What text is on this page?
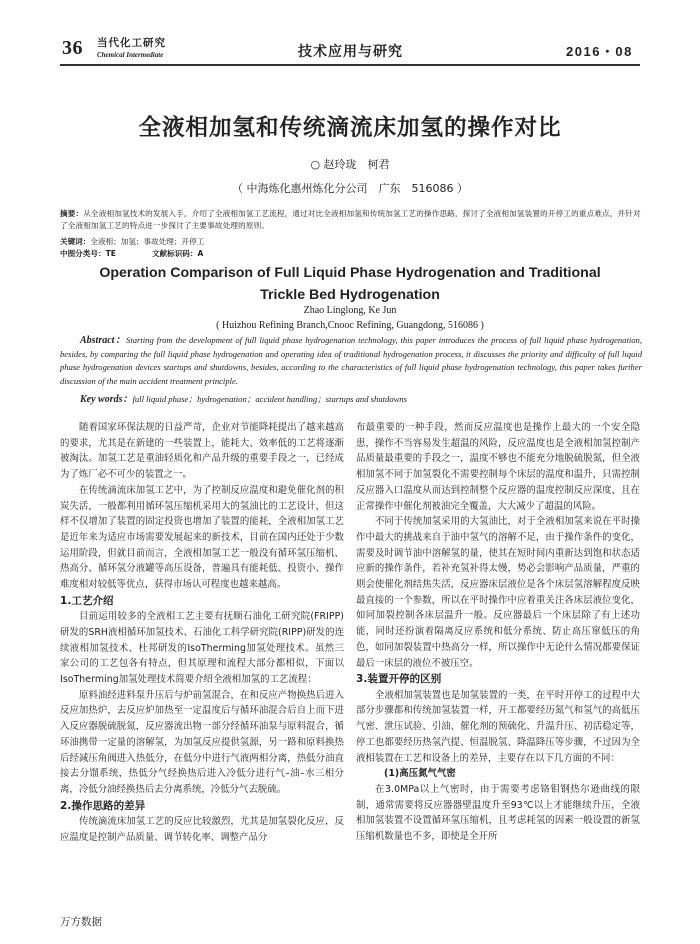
36 当代化工研究
Chemical Intermediate	技术应用与研究	2016・08
全液相加氢和传统滴流床加氢的操作对比
○ 赵玲珑　柯君
（ 中海炼化惠州炼化分公司　广东　516086 ）
摘要：从全液相加氢技术的发展入手，介绍了全液相加氢工艺流程，通过对比全液相加氢和传统加氢工艺的操作思路，探讨了全液相加氢装置的开停工的重点难点，并针对了全液相加氢工艺的特点进一步探讨了主要事故处理的原则。
关键词：全液相；加氢；事故处理；开停工
中图分类号：TE	文献标识码：A
Operation Comparison of Full Liquid Phase Hydrogenation and Traditional
Trickle Bed Hydrogenation
Zhao Linglong, Ke Jun
( Huizhou Refining Branch,Cnooc Refining, Guangdong, 516086 )
Abstract：Starting from the development of full liquid phase hydrogenation technology, this paper introduces the process of full liquid phase hydrogenation, besides, by comparing the full liquid phase hydrogenation and operating idea of traditional hydrogenation process, it discusses the priority and difficulty of full liquid phase hydrogenation devices startups and shutdowns, besides, according to the characteristics of full liquid phase hydrogenation technology, this paper takes further discussion of the main accident treatment principle.
Key words：full liquid phase；hydrogenation；accident handling；startups and shutdowns

随着国家环保法规的日益严苛，企业对节能降耗提出了越来越高的要求，尤其是在新建的一些装置上，能耗大、效率低的工艺将逐渐被淘汰。加氢工艺是重油轻质化和产品升级的重要手段之一，已经成为了炼厂必不可少的装置之一。

在传统滴流床加氢工艺中，为了控制反应温度和避免催化剂的积炭失活，一般都利用循环氢压缩机采用大的氢油比的工艺设计，但这样不仅增加了装置的固定投资也增加了装置的能耗，全液相加氢工艺是近年来为适应市场需要发展起来的新技术，目前在国内还处于少数运用阶段，但就目前而言，全液相加氢工艺一般没有循环氢压缩机、热高分、循环氢分液罐等高压设备，普遍具有能耗低、投资小、操作难度相对较低等优点，获得市场认可程度也越来越高。

1.工艺介绍

目前运用较多的全液相工艺主要有抚顺石油化工研究院(FRIPP)研发的SRH液相循环加氢技术、石油化工科学研究院(RIPP)研发的连续液相加氢技术、杜邦研发的IsoTherming加氢处理技术。虽然三家公司的工艺包各有特点，但其原理和流程大部分都相似，下面以IsoTherming加氢处理技术简要介绍全液相加氢的工艺流程：

原料油经进料泵升压后与炉前氢混合，在和反应产物换热后进入反应加热炉，去反应炉加热至一定温度后与循环油混合后自上而下进入反应器脱硫脱氮，反应器流出物一部分经循环油泵与原料混合，循环油携带一定量的溶解氢，为加氢反应提供氢源，另一路和原料换热后经减压角阀进入热低分，在低分中进行气液两相分离，热低分油直接去分馏系统，热低分气经换热后进入冷低分进行气–油–水三相分离，冷低分油经换热后去分离系统，冷低分气去脱硫。

2.操作思路的差异

传统滴流床加氢工艺的反应比较激烈，尤其是加氢裂化反应，反应温度是控制产品质量、调节转化率、调整产品分

布最重要的一种手段，然而反应温度也是操作上最大的一个安全隐患，操作不当容易发生超温的风险，反应温度也是全液相加氢控制产品质量最重要的手段之一，温度不够也不能充分地脱硫脱氮，但全液相加氢不同于加氢裂化不需要控制每个床层的温度和温升，只需控制反应器入口温度从而达到控制整个反应器的温度控制反应深度，且在正常操作中催化剂被油完全覆盖，大大减少了超温的风险。

不同于传统加氢采用的大氢油比，对于全液相加氢来说在平时操作中最大的挑战来自于油中氢气的溶解不足，由于操作条件的变化，需要及时调节油中溶解氢的量，使其在短时间内重新达到饱和状态适应新的操作条件，若补充氢补得太慢，势必会影响产品质量，严重的则会使催化剂结焦失活，反应器床层液位是各个床层氢溶解程度反映最直接的一个参数，所以在平时操作中应着重关注各床层液位变化，如同加裂控制各床层温升一般。反应器最后一个床层除了有上述功能，同时还扮演着隔离反应系统和低分系统、防止高压窜低压的角色，如同加裂装置中热高分一样，所以操作中无论什么情况都要保证最后一床层的液位不被压空。

3.装置开停的区别

全液相加氢装置也是加氢装置的一类，在平时开停工的过程中大部分步骤都和传统加氢装置一样，开工都要经历氮气和氢气的高低压气密、泄压试验、引油、催化剂的预硫化、升温升压、初活稳定等，停工也都要经历热氢汽提、恒温脱氢、降温降压等步骤，不过因为全液相装置在工艺和设备上的差异，主要存在以下几方面的不同：

(1)高压氮气气密

在3.0MPa以上气密时，由于需要考虑铬钼钢热尔逊曲线的限制，通常需要将反应器器壁温度升至93℃以上才能继续升压，全液相加氢装置不设置循环氢压缩机，且考虑耗氢的因素一般设置的新氢压缩机数量也不多，即使是全开所

万方数据
